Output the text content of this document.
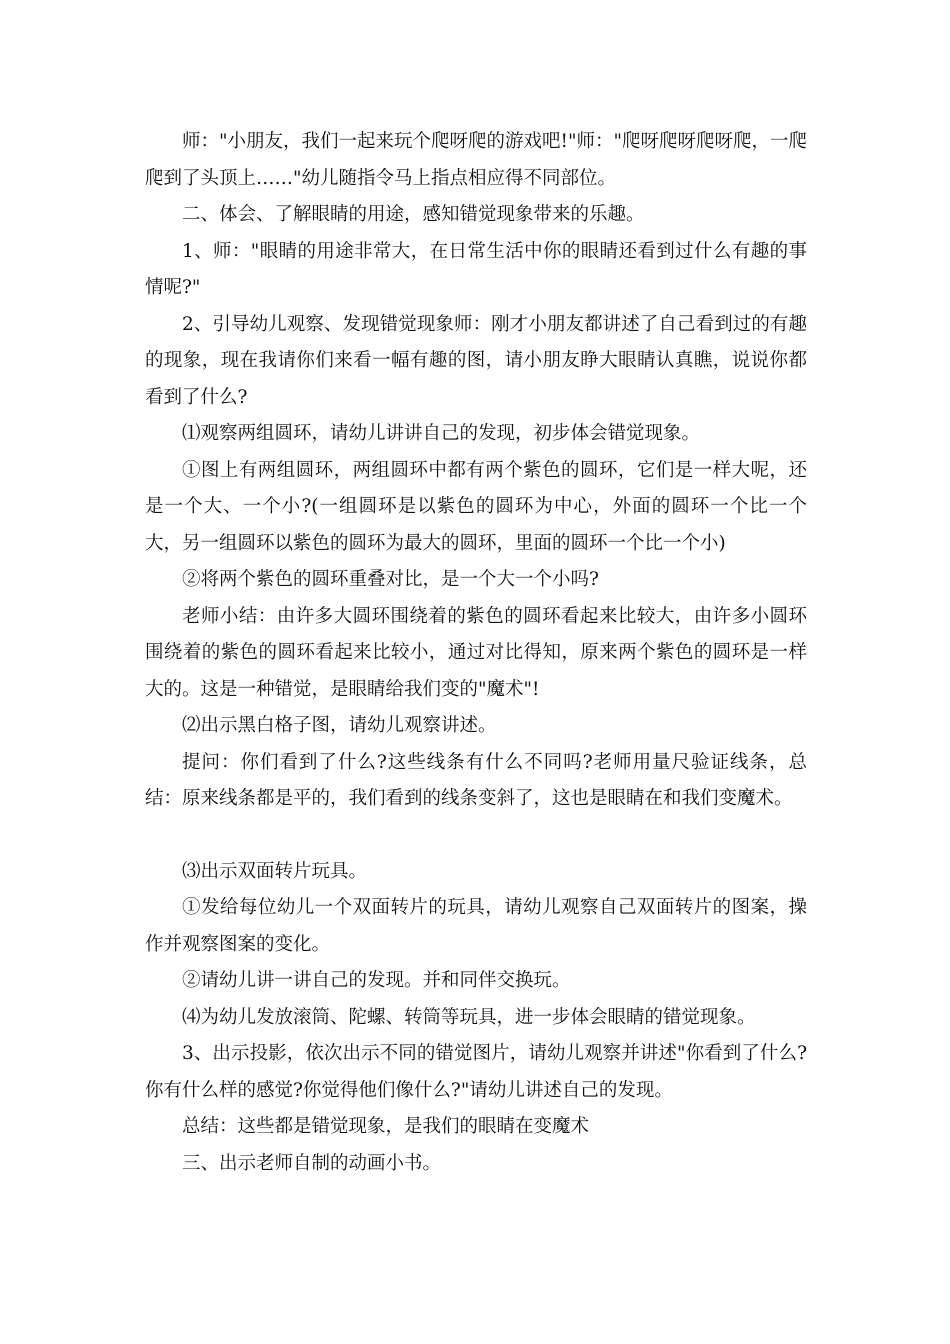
师："小朋友，我们一起来玩个爬呀爬的游戏吧!"师："爬呀爬呀爬呀爬，一爬爬到了头顶上……"幼儿随指令马上指点相应得不同部位。

二、体会、了解眼睛的用途，感知错觉现象带来的乐趣。

1、师："眼睛的用途非常大，在日常生活中你的眼睛还看到过什么有趣的事情呢?"

2、引导幼儿观察、发现错觉现象师：刚才小朋友都讲述了自己看到过的有趣的现象，现在我请你们来看一幅有趣的图，请小朋友睁大眼睛认真瞧，说说你都看到了什么?

⑴观察两组圆环，请幼儿讲讲自己的发现，初步体会错觉现象。

①图上有两组圆环，两组圆环中都有两个紫色的圆环，它们是一样大呢，还是一个大、一个小?(一组圆环是以紫色的圆环为中心，外面的圆环一个比一个大，另一组圆环以紫色的圆环为最大的圆环，里面的圆环一个比一个小)

②将两个紫色的圆环重叠对比，是一个大一个小吗?

老师小结：由许多大圆环围绕着的紫色的圆环看起来比较大，由许多小圆环围绕着的紫色的圆环看起来比较小，通过对比得知，原来两个紫色的圆环是一样大的。这是一种错觉，是眼睛给我们变的"魔术"!

⑵出示黑白格子图，请幼儿观察讲述。

提问：你们看到了什么?这些线条有什么不同吗?老师用量尺验证线条，总结：原来线条都是平的，我们看到的线条变斜了，这也是眼睛在和我们变魔术。

⑶出示双面转片玩具。

①发给每位幼儿一个双面转片的玩具，请幼儿观察自己双面转片的图案，操作并观察图案的变化。

②请幼儿讲一讲自己的发现。并和同伴交换玩。

⑷为幼儿发放滚筒、陀螺、转筒等玩具，进一步体会眼睛的错觉现象。

3、出示投影，依次出示不同的错觉图片，请幼儿观察并讲述"你看到了什么?你有什么样的感觉?你觉得他们像什么?"请幼儿讲述自己的发现。

总结：这些都是错觉现象，是我们的眼睛在变魔术

三、出示老师自制的动画小书。
